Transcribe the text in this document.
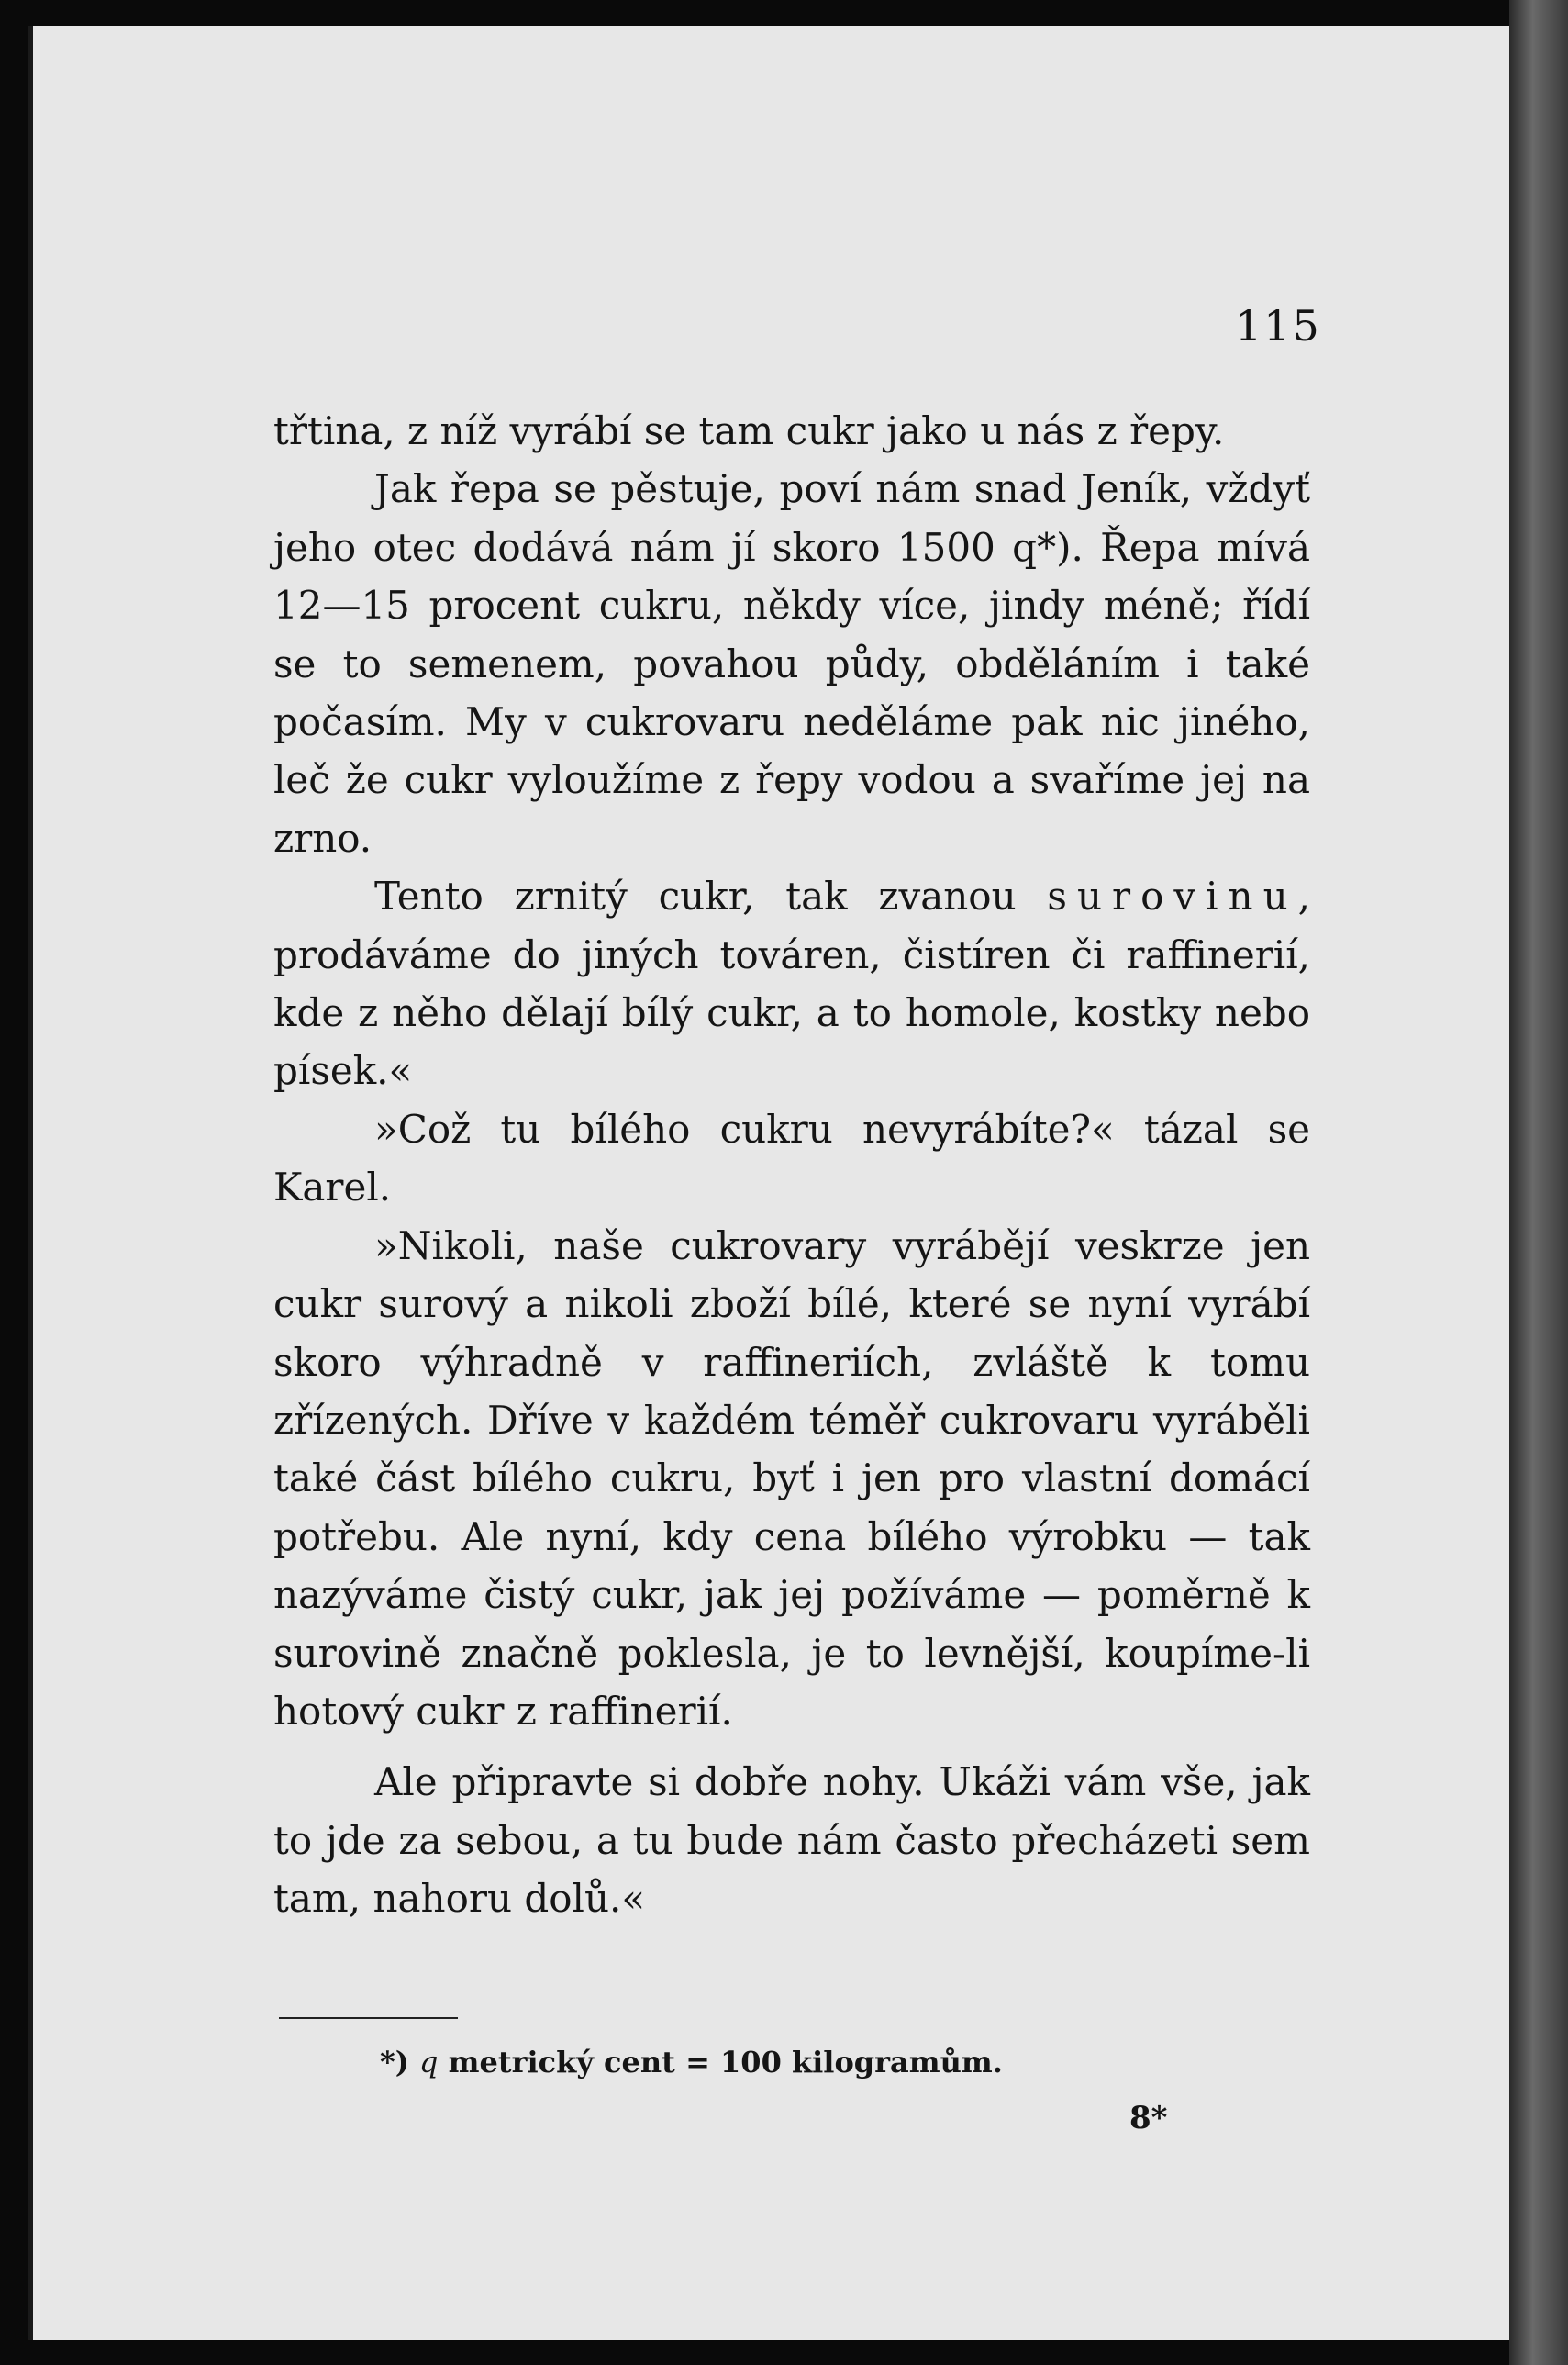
115

třtina, z níž vyrábí se tam cukr jako u nás z řepy.

Jak řepa se pěstuje, poví nám snad Jeník, vždyť jeho otec dodává nám jí skoro 1500 q*). Řepa mívá 12—15 procent cukru, někdy více, jindy méně; řídí se to semenem, povahou půdy, obděláním i také počasím. My v cukrovaru neděláme pak nic jiného, leč že cukr vyloužíme z řepy vodou a svaříme jej na zrno.

Tento zrnitý cukr, tak zvanou surovinu, prodáváme do jiných továren, čistíren či raffinerií, kde z něho dělají bílý cukr, a to homole, kostky nebo písek.«

»Což tu bílého cukru nevyrábíte?« tázal se Karel.

»Nikoli, naše cukrovary vyrábějí veskrze jen cukr surový a nikoli zboží bílé, které se nyní vyrábí skoro výhradně v raffineriích, zvláště k tomu zřízených. Dříve v každém téměř cukrovaru vyráběli také část bílého cukru, byť i jen pro vlastní domácí potřebu. Ale nyní, kdy cena bílého výrobku — tak nazýváme čistý cukr, jak jej požíváme — poměrně k surovině značně poklesla, je to levnější, koupíme-li hotový cukr z raffinerií.

Ale připravte si dobře nohy. Ukáži vám vše, jak to jde za sebou, a tu bude nám často přecházeti sem tam, nahoru dolů.«

*) q metrický cent = 100 kilogramům.
8*
